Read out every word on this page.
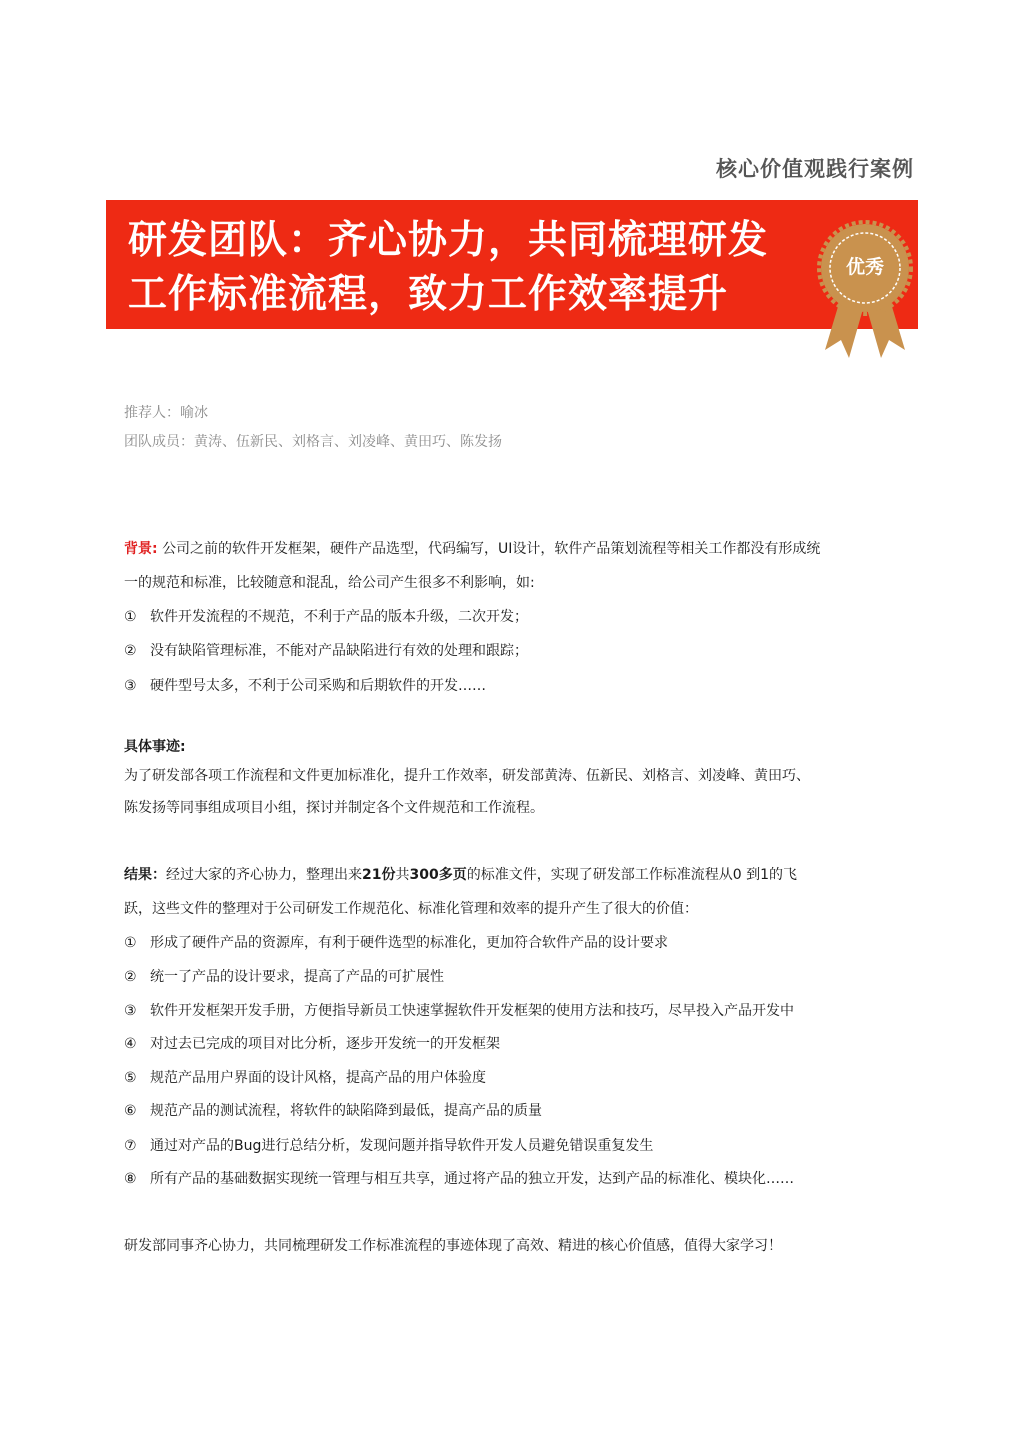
核心价值观践行案例
研发团队：齐心协力，共同梳理研发
工作标准流程，致力工作效率提升
优秀
推荐人：喻冰
团队成员：黄涛、伍新民、刘格言、刘凌峰、黄田巧、陈发扬
背景: 公司之前的软件开发框架，硬件产品选型，代码编写，UI设计，软件产品策划流程等相关工作都没有形成统
一的规范和标准，比较随意和混乱，给公司产生很多不利影响，如:
① 软件开发流程的不规范，不利于产品的版本升级，二次开发；
② 没有缺陷管理标准，不能对产品缺陷进行有效的处理和跟踪；
③ 硬件型号太多，不利于公司采购和后期软件的开发……
具体事迹:
为了研发部各项工作流程和文件更加标准化，提升工作效率，研发部黄涛、伍新民、刘格言、刘凌峰、黄田巧、
陈发扬等同事组成项目小组，探讨并制定各个文件规范和工作流程。
结果：经过大家的齐心协力，整理出来21份共300多页的标准文件，实现了研发部工作标准流程从0 到1的飞
跃，这些文件的整理对于公司研发工作规范化、标准化管理和效率的提升产生了很大的价值：
① 形成了硬件产品的资源库，有利于硬件选型的标准化，更加符合软件产品的设计要求
② 统一了产品的设计要求，提高了产品的可扩展性
③ 软件开发框架开发手册，方便指导新员工快速掌握软件开发框架的使用方法和技巧，尽早投入产品开发中
④ 对过去已完成的项目对比分析，逐步开发统一的开发框架
⑤ 规范产品用户界面的设计风格，提高产品的用户体验度
⑥ 规范产品的测试流程，将软件的缺陷降到最低，提高产品的质量
⑦ 通过对产品的Bug进行总结分析，发现问题并指导软件开发人员避免错误重复发生
⑧ 所有产品的基础数据实现统一管理与相互共享，通过将产品的独立开发，达到产品的标准化、模块化……
研发部同事齐心协力，共同梳理研发工作标准流程的事迹体现了高效、精进的核心价值感，值得大家学习！
